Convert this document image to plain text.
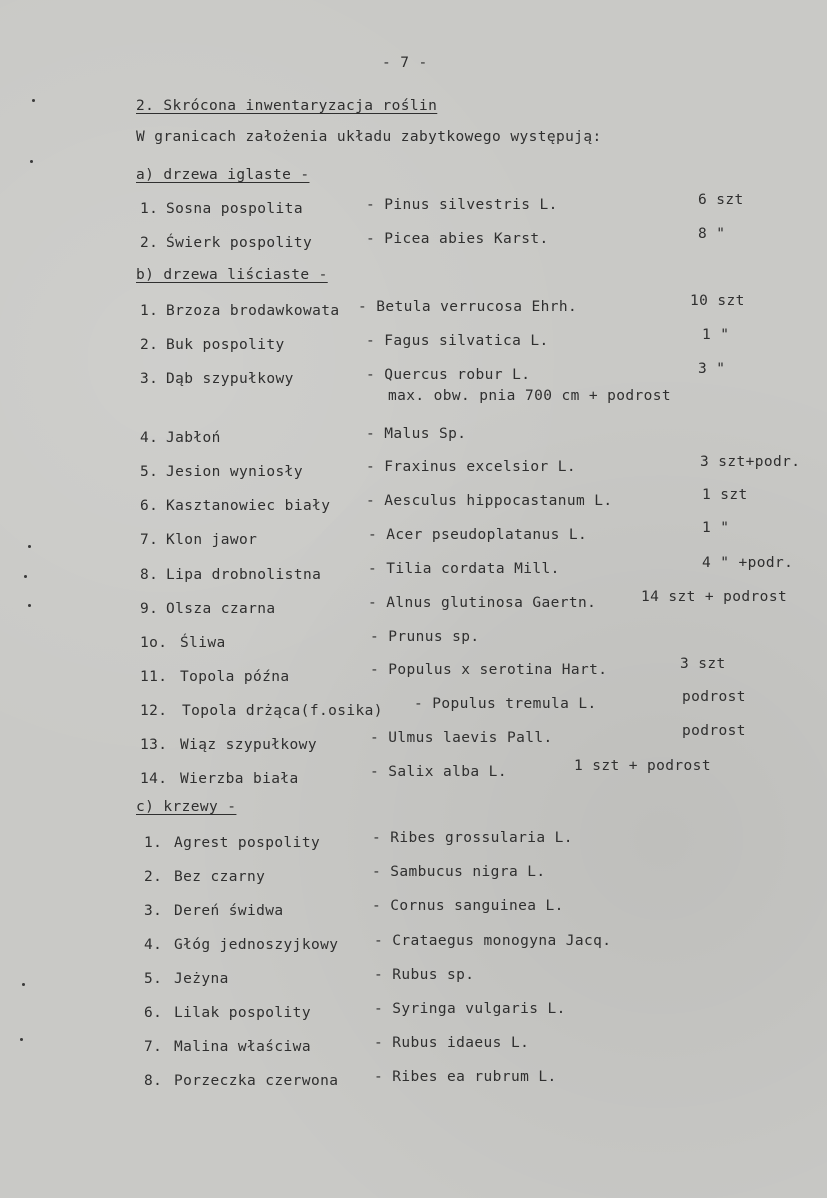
- 7 -
2. Skrócona inwentaryzacja roślin
W granicach założenia układu zabytkowego występują:
a) drzewa iglaste -
b) drzewa liściaste -
c) krzewy -
1. Sosna pospolita	- Pinus silvestris L.	6 szt
2. Świerk pospolity	- Picea abies Karst.	8 "
1. Brzoza brodawkowata - Betula verrucosa Ehrh.	10 szt
2. Buk pospolity	- Fagus silvatica L.	1 "
3. Dąb szypułkowy	- Quercus robur L.	3 "
max. obw. pnia 700 cm + podrost
4. Jabłoń	- Malus Sp.
5. Jesion wyniosły	- Fraxinus excelsior L.	3 szt+podr.
6. Kasztanowiec biały - Aesculus hippocastanum L.	1 szt
7. Klon jawor	- Acer pseudoplatanus L.	1 "
8. Lipa drobnolistna	- Tilia cordata Mill.	4 " +podr.
9. Olsza czarna	- Alnus glutinosa Gaertn.	14 szt + podrost
1o. Śliwa	- Prunus sp.
11. Topola późna	- Populus x serotina Hart.	3 szt
12. Topola drżąca(f.osika) - Populus tremula L.	podrost
13. Wiąz szypułkowy	- Ulmus laevis Pall.	podrost
14. Wierzba biała	- Salix alba L.	1 szt + podrost
1. Agrest pospolity	- Ribes grossularia L.
2. Bez czarny	- Sambucus nigra L.
3. Dereń świdwa	- Cornus sanguinea L.
4. Głóg jednoszyjkowy - Crataegus monogyna Jacq.
5. Jeżyna	- Rubus sp.
6. Lilak pospolity	- Syringa vulgaris L.
7. Malina właściwa	- Rubus idaeus L.
8. Porzeczka czerwona - Ribes ea rubrum L.
